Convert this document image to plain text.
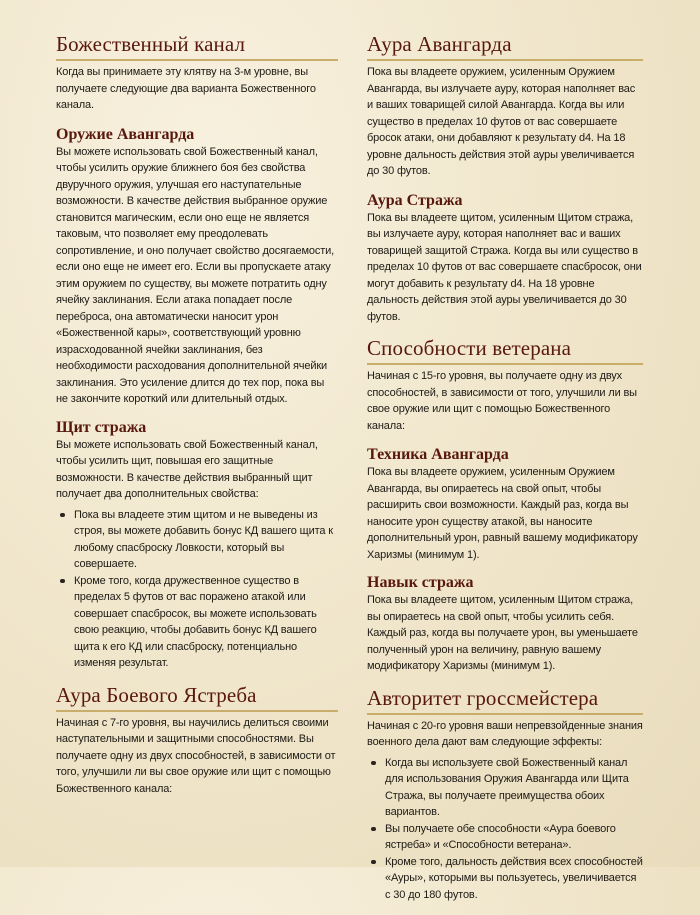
Божественный канал

Когда вы принимаете эту клятву на 3-м уровне, вы получаете следующие два варианта Божественного канала.

Оружие Авангарда

Вы можете использовать свой Божественный канал, чтобы усилить оружие ближнего боя без свойства двуручного оружия, улучшая его наступательные возможности. В качестве действия выбранное оружие становится магическим, если оно еще не является таковым, что позволяет ему преодолевать сопротивление, и оно получает свойство досягаемости, если оно еще не имеет его. Если вы пропускаете атаку этим оружием по существу, вы можете потратить одну ячейку заклинания. Если атака попадает после переброса, она автоматически наносит урон «Божественной кары», соответствующий уровню израсходованной ячейки заклинания, без необходимости расходования дополнительной ячейки заклинания. Это усиление длится до тех пор, пока вы не закончите короткий или длительный отдых.

Щит стража

Вы можете использовать свой Божественный канал, чтобы усилить щит, повышая его защитные возможности. В качестве действия выбранный щит получает два дополнительных свойства:

Пока вы владеете этим щитом и не выведены из строя, вы можете добавить бонус КД вашего щита к любому спасброску Ловкости, который вы совершаете.
Кроме того, когда дружественное существо в пределах 5 футов от вас поражено атакой или совершает спасбросок, вы можете использовать свою реакцию, чтобы добавить бонус КД вашего щита к его КД или спасброску, потенциально изменяя результат.
Аура Боевого Ястреба

Начиная с 7-го уровня, вы научились делиться своими наступательными и защитными способностями. Вы получаете одну из двух способностей, в зависимости от того, улучшили ли вы свое оружие или щит с помощью Божественного канала:

Аура Авангарда

Пока вы владеете оружием, усиленным Оружием Авангарда, вы излучаете ауру, которая наполняет вас и ваших товарищей силой Авангарда. Когда вы или существо в пределах 10 футов от вас совершаете бросок атаки, они добавляют к результату d4. На 18 уровне дальность действия этой ауры увеличивается до 30 футов.

Аура Стража

Пока вы владеете щитом, усиленным Щитом стража, вы излучаете ауру, которая наполняет вас и ваших товарищей защитой Стража. Когда вы или существо в пределах 10 футов от вас совершаете спасбросок, они могут добавить к результату d4. На 18 уровне дальность действия этой ауры увеличивается до 30 футов.

Способности ветерана

Начиная с 15-го уровня, вы получаете одну из двух способностей, в зависимости от того, улучшили ли вы свое оружие или щит с помощью Божественного канала:

Техника Авангарда

Пока вы владеете оружием, усиленным Оружием Авангарда, вы опираетесь на свой опыт, чтобы расширить свои возможности. Каждый раз, когда вы наносите урон существу атакой, вы наносите дополнительный урон, равный вашему модификатору Харизмы (минимум 1).

Навык стража

Пока вы владеете щитом, усиленным Щитом стража, вы опираетесь на свой опыт, чтобы усилить себя. Каждый раз, когда вы получаете урон, вы уменьшаете полученный урон на величину, равную вашему модификатору Харизмы (минимум 1).

Авторитет гроссмейстера

Начиная с 20-го уровня ваши непревзойденные знания военного дела дают вам следующие эффекты:

Когда вы используете свой Божественный канал для использования Оружия Авангарда или Щита Стража, вы получаете преимущества обоих вариантов.
Вы получаете обе способности «Аура боевого ястреба» и «Способности ветерана».
Кроме того, дальность действия всех способностей «Ауры», которыми вы пользуетесь, увеличивается с 30 до 180 футов.
